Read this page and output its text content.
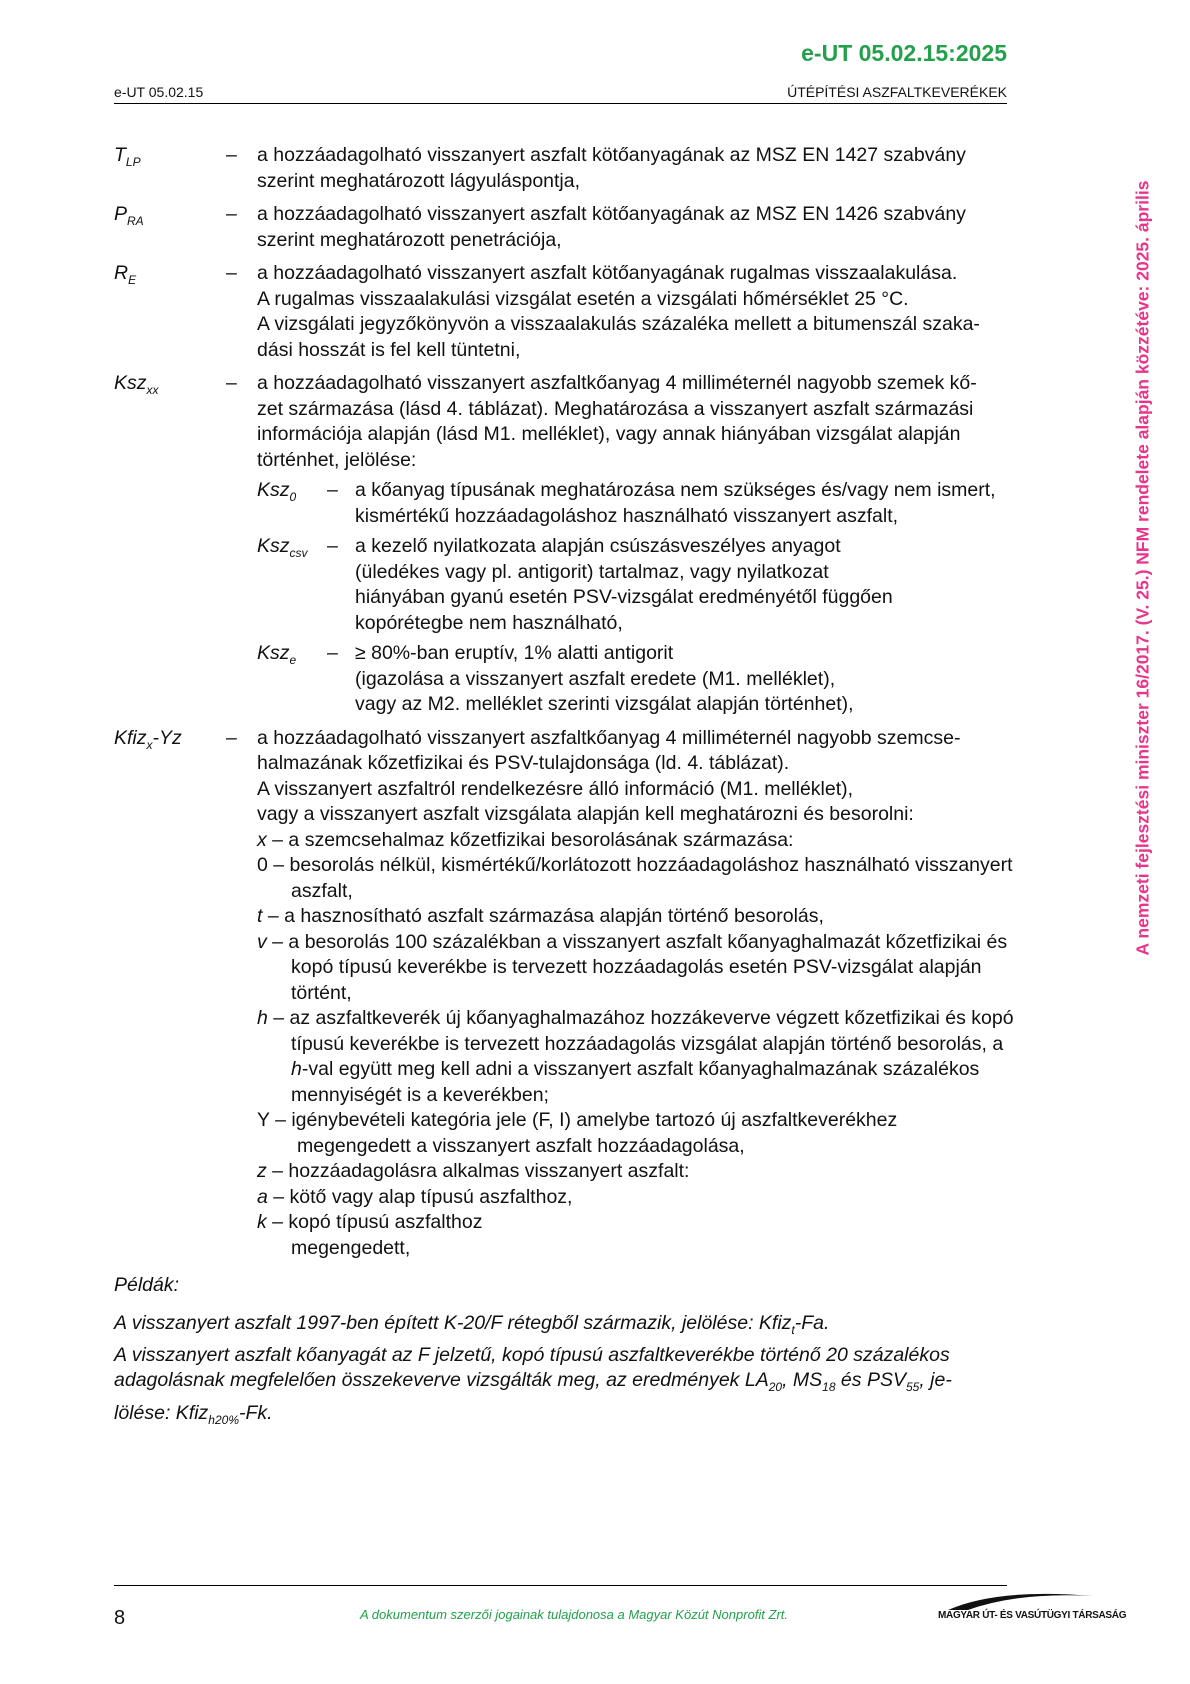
e-UT 05.02.15:2025
e-UT 05.02.15	ÚTÉPÍTÉSI ASZFALTKEVERÉKEK
A nemzeti fejlesztési miniszter 16/2017. (V. 25.) NFM rendelete alapján közzétéve: 2025. április
$T_{LP}$	–	a hozzáadagolható visszanyert aszfalt kötőanyagának az MSZ EN 1427 szabvány

szerint meghatározott lágyuláspontja,

$P_{RA}$	–	a hozzáadagolható visszanyert aszfalt kötőanyagának az MSZ EN 1426 szabvány

szerint meghatározott penetrációja,

$R_E$	–	a hozzáadagolható visszanyert aszfalt kötőanyagának rugalmas visszaalakulása.

A rugalmas visszaalakulási vizsgálat esetén a vizsgálati hőmérséklet 25 °C.

A vizsgálati jegyzőkönyvön a visszaalakulás százaléka mellett a bitumenszál szaka-

dási hosszát is fel kell tüntetni,

Ksz$_{xx}$	–	a hozzáadagolható visszanyert aszfaltkőanyag 4 milliméternél nagyobb szemek kő-

zet származása (lásd 4. táblázat). Meghatározása a visszanyert aszfalt származási

információja alapján (lásd M1. melléklet), vagy annak hiányában vizsgálat alapján

történhet, jelölése:

Ksz$_0$	– a kőanyag típusának meghatározása nem szükséges és/vagy nem ismert,

kismértékű hozzáadagoláshoz használható visszanyert aszfalt,

Ksz$_{csv}$ – a kezelő nyilatkozata alapján csúszásveszélyes anyagot

(üledékes vagy pl. antigorit) tartalmaz, vagy nyilatkozat

hiányában gyanú esetén PSV-vizsgálat eredményétől függően

kopórétegbe nem használható,

Ksz$_e$	– ≥ 80%-ban eruptív, 1% alatti antigorit

(igazolása a visszanyert aszfalt eredete (M1. melléklet),

vagy az M2. melléklet szerinti vizsgálat alapján történhet),

Kfiz$_x$-Yz	–	a hozzáadagolható visszanyert aszfaltkőanyag 4 milliméternél nagyobb szemcse-

halmazának kőzetfizikai és PSV-tulajdonsága (ld. 4. táblázat).

A visszanyert aszfaltról rendelkezésre álló információ (M1. melléklet),

vagy a visszanyert aszfalt vizsgálata alapján kell meghatározni és besorolni:

x – a szemcsehalmaz kőzetfizikai besorolásának származása:

0 – besorolás nélkül, kismértékű/korlátozott hozzáadagoláshoz használható visszanyert aszfalt,

t – a hasznosítható aszfalt származása alapján történő besorolás,

v – a besorolás 100 százalékban a visszanyert aszfalt kőanyaghalmazát kőzetfizikai és kopó típusú keverékbe is tervezett hozzáadagolás esetén PSV-vizsgálat alapján történt,

h – az aszfaltkeverék új kőanyaghalmazához hozzákeverve végzett kőzetfizikai és kopó típusú keverékbe is tervezett hozzáadagolás vizsgálat alapján történő besorolás, a h-val együtt meg kell adni a visszanyert aszfalt kőanyaghalmazának százalékos mennyiségét is a keverékben;

Y – igénybevételi kategória jele (F, I) amelybe tartozó új aszfaltkeverékhez megengedett a visszanyert aszfalt hozzáadagolása,

z – hozzáadagolásra alkalmas visszanyert aszfalt:

a – kötő vagy alap típusú aszfalthoz,

k – kopó típusú aszfalthoz

megengedett,

Példák:

A visszanyert aszfalt 1997-ben épített K-20/F rétegből származik, jelölése: Kfiz$_t$-Fa.

A visszanyert aszfalt kőanyagát az F jelzetű, kopó típusú aszfaltkeverékbe történő 20 százalékos

adagolásnak megfelelően összekeverve vizsgálták meg, az eredmények $LA_{20}$, $MS_{18}$ és $PSV_{55}$, je-

lölése: Kfiz$_{h20\%}$-Fk.

8	A dokumentum szerzői jogainak tulajdonosa a Magyar Közút Nonprofit Zrt.	MAGYAR ÚT- ÉS VASÚTÜGYI TÁRSASÁG
